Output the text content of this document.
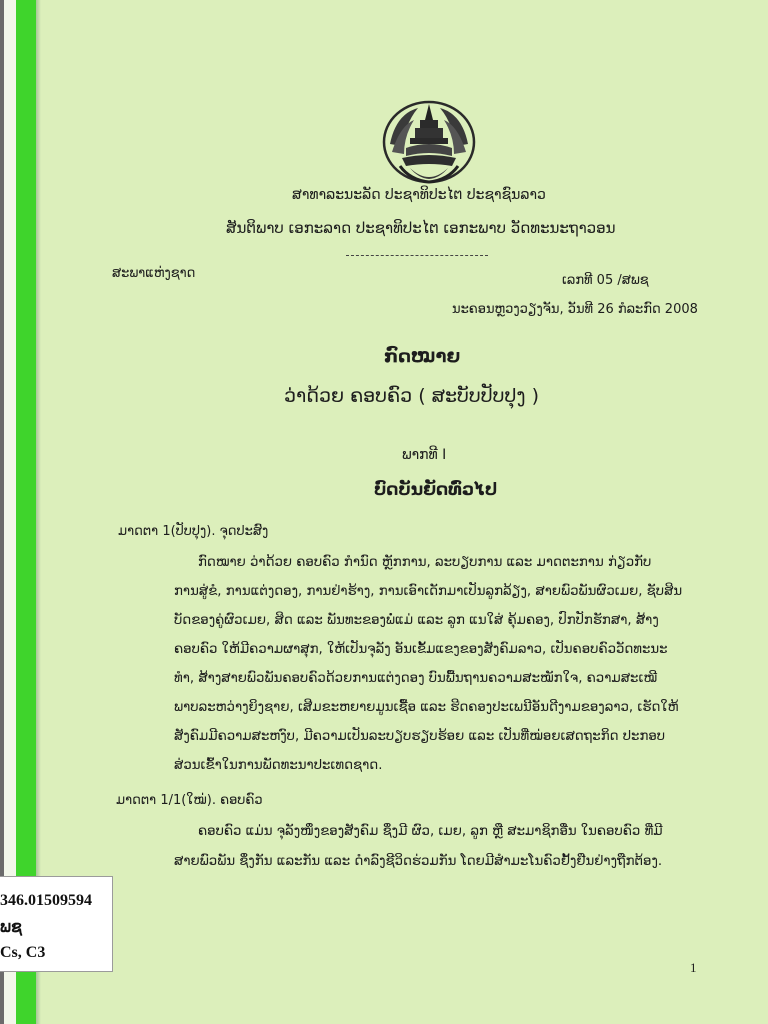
ສາທາລະນະລັດ ປະຊາທິປະໄຕ ປະຊາຊົນລາວ
ສັນຕິພາບ ເອກະລາດ ປະຊາທິປະໄຕ ເອກະພາບ ວັດທະນະຖາວອນ
ສະພາແຫ່ງຊາດ	ເລກທີ 05 /ສພຊ
ນະຄອນຫຼວງວຽງຈັນ, ວັນທີ 26 ກໍລະກົດ 2008
ກົດໝາຍ
ວ່າດ້ວຍ ຄອບຄົວ ( ສະບັບປັບປຸງ )
ພາກທີ I
ບົດບັນຍັດທົ່ວໄປ
ມາດຕາ 1(ປັບປຸງ). ຈຸດປະສົງ
ກົດໝາຍ ວ່າດ້ວຍ ຄອບຄົວ ກຳນົດ ຫຼັກການ, ລະບຽບການ ແລະ ມາດຕະການ ກ່ຽວກັບ
ການສູ່ຂໍ, ການແຕ່ງດອງ, ການຢ່າຮ້າງ, ການເອົາເດັກມາເປັນລູກລ້ຽງ, ສາຍພົວພັນຜົວເມຍ, ຊັບສິນ
ບັດຂອງຄູ່ຜົວເມຍ, ສິດ ແລະ ພັນທະຂອງພໍ່ແມ່ ແລະ ລູກ ແນໃສ່ ຄຸ້ມຄອງ, ປົກປັກຮັກສາ, ສ້າງ
ຄອບຄົວ ໃຫ້ມີຄວາມຜາສຸກ, ໃຫ້ເປັນຈຸລັງ ອັນເຂັ້ມແຂງຂອງສັງຄົມລາວ, ເປັນຄອບຄົວວັດທະນະ
ທຳ, ສ້າງສາຍພົວພັນຄອບຄົວດ້ວຍການແຕ່ງດອງ ບົນພື້ນຖານຄວາມສະໝັກໃຈ, ຄວາມສະເໝີ
ພາບລະຫວ່າງຍິງຊາຍ, ເສີມຂະຫຍາຍມູນເຊື້ອ ແລະ ຮີດຄອງປະເພນີອັນດີງາມຂອງລາວ, ເຮັດໃຫ້
ສັງຄົມມີຄວາມສະຫງົບ, ມີຄວາມເປັນລະບຽບຮຽບຮ້ອຍ ແລະ ເປັນທີ່ໝ່ອຍເສດຖະກິດ ປະກອບ
ສ່ວນເຂົ້າໃນການພັດທະນາປະເທດຊາດ.
ມາດຕາ 1/1(ໃໝ່). ຄອບຄົວ
ຄອບຄົວ ແມ່ນ ຈຸລັງໜຶ່ງຂອງສັງຄົມ ຊຶ່ງມີ ຜົວ, ເມຍ, ລູກ ຫຼື ສະມາຊິກອື່ນ ໃນຄອບຄົວ ທີ່ມີ
ສາຍພົວພັນ ຊຶ່ງກັນ ແລະກັນ ແລະ ດຳລົງຊີວິດຮ່ວມກັນ ໂດຍມີສຳມະໂນຄົວຢັ້ງຢືນຢ່າງຖືກຕ້ອງ.
346.01509594
ພຊ
Cs, C3
1
